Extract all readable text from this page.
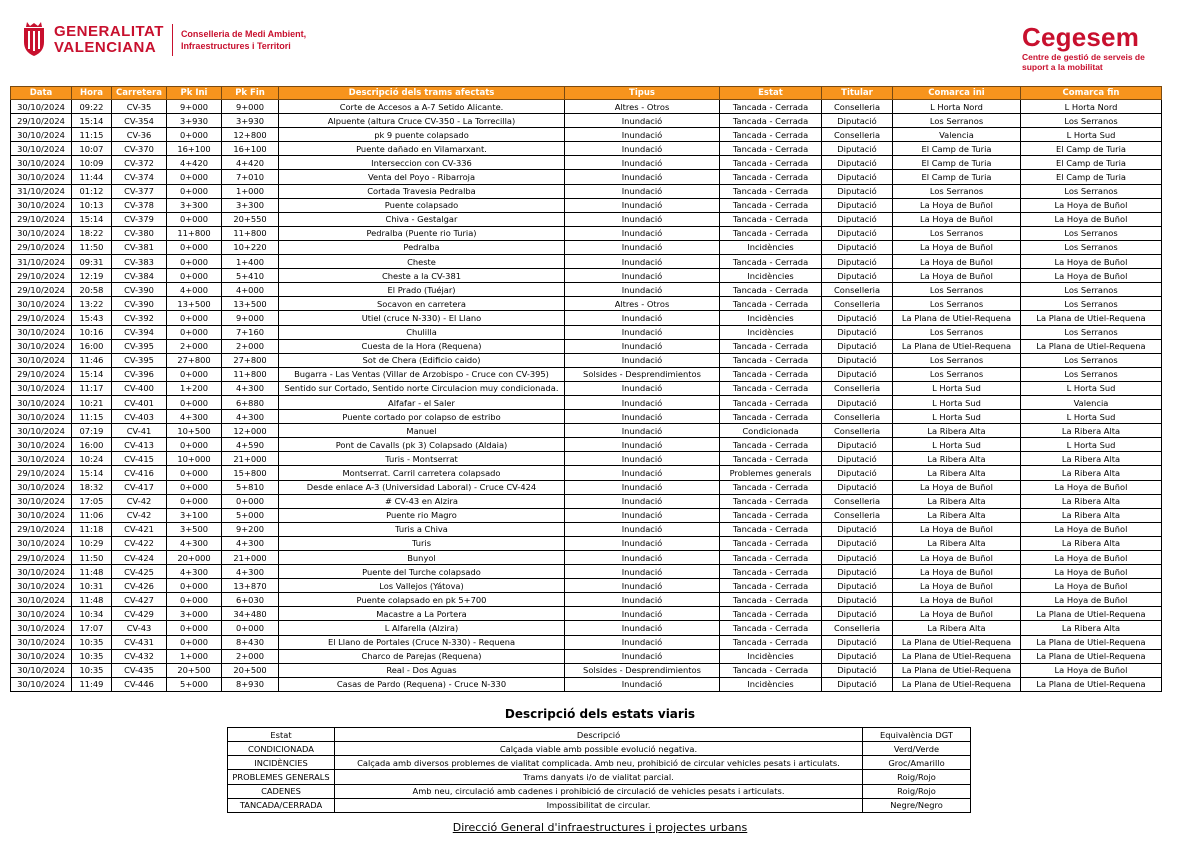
GENERALITAT
VALENCIANA
Conselleria de Medi Ambient,
Infraestructures i Territori	Cegesem
Centre de gestió de serveis de
suport a la mobilitat
Data	Hora	Carretera	Pk Ini	Pk Fin	Descripció dels trams afectats	Tipus	Estat	Titular	Comarca ini	Comarca fin
30/10/2024	09:22	CV-35	9+000	9+000	Corte de Accesos a A-7 Setido Alicante.	Altres - Otros	Tancada - Cerrada	Conselleria	L Horta Nord	L Horta Nord
29/10/2024	15:14	CV-354	3+930	3+930	Alpuente (altura Cruce CV-350 - La Torrecilla)	Inundació	Tancada - Cerrada	Diputació	Los Serranos	Los Serranos
30/10/2024	11:15	CV-36	0+000	12+800	pk 9 puente colapsado	Inundació	Tancada - Cerrada	Conselleria	Valencia	L Horta Sud
30/10/2024	10:07	CV-370	16+100	16+100	Puente dañado en Vilamarxant.	Inundació	Tancada - Cerrada	Diputació	El Camp de Turia	El Camp de Turia
30/10/2024	10:09	CV-372	4+420	4+420	Interseccion con CV-336	Inundació	Tancada - Cerrada	Diputació	El Camp de Turia	El Camp de Turia
30/10/2024	11:44	CV-374	0+000	7+010	Venta del Poyo - Ribarroja	Inundació	Tancada - Cerrada	Diputació	El Camp de Turia	El Camp de Turia
31/10/2024	01:12	CV-377	0+000	1+000	Cortada Travesia Pedralba	Inundació	Tancada - Cerrada	Diputació	Los Serranos	Los Serranos
30/10/2024	10:13	CV-378	3+300	3+300	Puente colapsado	Inundació	Tancada - Cerrada	Diputació	La Hoya de Buñol	La Hoya de Buñol
29/10/2024	15:14	CV-379	0+000	20+550	Chiva - Gestalgar	Inundació	Tancada - Cerrada	Diputació	La Hoya de Buñol	La Hoya de Buñol
30/10/2024	18:22	CV-380	11+800	11+800	Pedralba (Puente rio Turia)	Inundació	Tancada - Cerrada	Diputació	Los Serranos	Los Serranos
29/10/2024	11:50	CV-381	0+000	10+220	Pedralba	Inundació	Incidències	Diputació	La Hoya de Buñol	Los Serranos
31/10/2024	09:31	CV-383	0+000	1+400	Cheste	Inundació	Tancada - Cerrada	Diputació	La Hoya de Buñol	La Hoya de Buñol
29/10/2024	12:19	CV-384	0+000	5+410	Cheste a la CV-381	Inundació	Incidències	Diputació	La Hoya de Buñol	La Hoya de Buñol
29/10/2024	20:58	CV-390	4+000	4+000	El Prado (Tuéjar)	Inundació	Tancada - Cerrada	Conselleria	Los Serranos	Los Serranos
30/10/2024	13:22	CV-390	13+500	13+500	Socavon en carretera	Altres - Otros	Tancada - Cerrada	Conselleria	Los Serranos	Los Serranos
29/10/2024	15:43	CV-392	0+000	9+000	Utiel (cruce N-330) - El Llano	Inundació	Incidències	Diputació	La Plana de Utiel-Requena	La Plana de Utiel-Requena
30/10/2024	10:16	CV-394	0+000	7+160	Chulilla	Inundació	Incidències	Diputació	Los Serranos	Los Serranos
30/10/2024	16:00	CV-395	2+000	2+000	Cuesta de la Hora (Requena)	Inundació	Tancada - Cerrada	Diputació	La Plana de Utiel-Requena	La Plana de Utiel-Requena
30/10/2024	11:46	CV-395	27+800	27+800	Sot de Chera (Edificio caido)	Inundació	Tancada - Cerrada	Diputació	Los Serranos	Los Serranos
29/10/2024	15:14	CV-396	0+000	11+800	Bugarra - Las Ventas (Villar de Arzobispo - Cruce con CV-395)	Solsides - Desprendimientos	Tancada - Cerrada	Diputació	Los Serranos	Los Serranos
30/10/2024	11:17	CV-400	1+200	4+300	Sentido sur Cortado, Sentido norte Circulacion muy condicionada.	Inundació	Tancada - Cerrada	Conselleria	L Horta Sud	L Horta Sud
30/10/2024	10:21	CV-401	0+000	6+880	Alfafar - el Saler	Inundació	Tancada - Cerrada	Diputació	L Horta Sud	Valencia
30/10/2024	11:15	CV-403	4+300	4+300	Puente cortado por colapso de estribo	Inundació	Tancada - Cerrada	Conselleria	L Horta Sud	L Horta Sud
30/10/2024	07:19	CV-41	10+500	12+000	Manuel	Inundació	Condicionada	Conselleria	La Ribera Alta	La Ribera Alta
30/10/2024	16:00	CV-413	0+000	4+590	Pont de Cavalls (pk 3) Colapsado (Aldaia)	Inundació	Tancada - Cerrada	Diputació	L Horta Sud	L Horta Sud
30/10/2024	10:24	CV-415	10+000	21+000	Turis - Montserrat	Inundació	Tancada - Cerrada	Diputació	La Ribera Alta	La Ribera Alta
29/10/2024	15:14	CV-416	0+000	15+800	Montserrat. Carril carretera colapsado	Inundació	Problemes generals	Diputació	La Ribera Alta	La Ribera Alta
30/10/2024	18:32	CV-417	0+000	5+810	Desde enlace A-3 (Universidad Laboral) - Cruce CV-424	Inundació	Tancada - Cerrada	Diputació	La Hoya de Buñol	La Hoya de Buñol
30/10/2024	17:05	CV-42	0+000	0+000	# CV-43 en Alzira	Inundació	Tancada - Cerrada	Conselleria	La Ribera Alta	La Ribera Alta
30/10/2024	11:06	CV-42	3+100	5+000	Puente rio Magro	Inundació	Tancada - Cerrada	Conselleria	La Ribera Alta	La Ribera Alta
29/10/2024	11:18	CV-421	3+500	9+200	Turis a Chiva	Inundació	Tancada - Cerrada	Diputació	La Hoya de Buñol	La Hoya de Buñol
30/10/2024	10:29	CV-422	4+300	4+300	Turis	Inundació	Tancada - Cerrada	Diputació	La Ribera Alta	La Ribera Alta
29/10/2024	11:50	CV-424	20+000	21+000	Bunyol	Inundació	Tancada - Cerrada	Diputació	La Hoya de Buñol	La Hoya de Buñol
30/10/2024	11:48	CV-425	4+300	4+300	Puente del Turche colapsado	Inundació	Tancada - Cerrada	Diputació	La Hoya de Buñol	La Hoya de Buñol
30/10/2024	10:31	CV-426	0+000	13+870	Los Vallejos (Yátova)	Inundació	Tancada - Cerrada	Diputació	La Hoya de Buñol	La Hoya de Buñol
30/10/2024	11:48	CV-427	0+000	6+030	Puente colapsado en pk 5+700	Inundació	Tancada - Cerrada	Diputació	La Hoya de Buñol	La Hoya de Buñol
30/10/2024	10:34	CV-429	3+000	34+480	Macastre a La Portera	Inundació	Tancada - Cerrada	Diputació	La Hoya de Buñol	La Plana de Utiel-Requena
30/10/2024	17:07	CV-43	0+000	0+000	L Alfarella (Alzira)	Inundació	Tancada - Cerrada	Conselleria	La Ribera Alta	La Ribera Alta
30/10/2024	10:35	CV-431	0+000	8+430	El Llano de Portales (Cruce N-330) - Requena	Inundació	Tancada - Cerrada	Diputació	La Plana de Utiel-Requena	La Plana de Utiel-Requena
30/10/2024	10:35	CV-432	1+000	2+000	Charco de Parejas (Requena)	Inundació	Incidències	Diputació	La Plana de Utiel-Requena	La Plana de Utiel-Requena
30/10/2024	10:35	CV-435	20+500	20+500	Real - Dos Aguas	Solsides - Desprendimientos	Tancada - Cerrada	Diputació	La Plana de Utiel-Requena	La Hoya de Buñol
30/10/2024	11:49	CV-446	5+000	8+930	Casas de Pardo (Requena) - Cruce N-330	Inundació	Incidències	Diputació	La Plana de Utiel-Requena	La Plana de Utiel-Requena
Descripció dels estats viaris
Estat	Descripció	Equivalència DGT
CONDICIONADA	Calçada viable amb possible evolució negativa.	Verd/Verde
INCIDÈNCIES	Calçada amb diversos problemes de vialitat complicada. Amb neu, prohibició de circular vehicles pesats i articulats.	Groc/Amarillo
PROBLEMES GENERALS	Trams danyats i/o de vialitat parcial.	Roig/Rojo
CADENES	Amb neu, circulació amb cadenes i prohibició de circulació de vehicles pesats i articulats.	Roig/Rojo
TANCADA/CERRADA	Impossibilitat de circular.	Negre/Negro
Direcció General d'infraestructures i projectes urbans
